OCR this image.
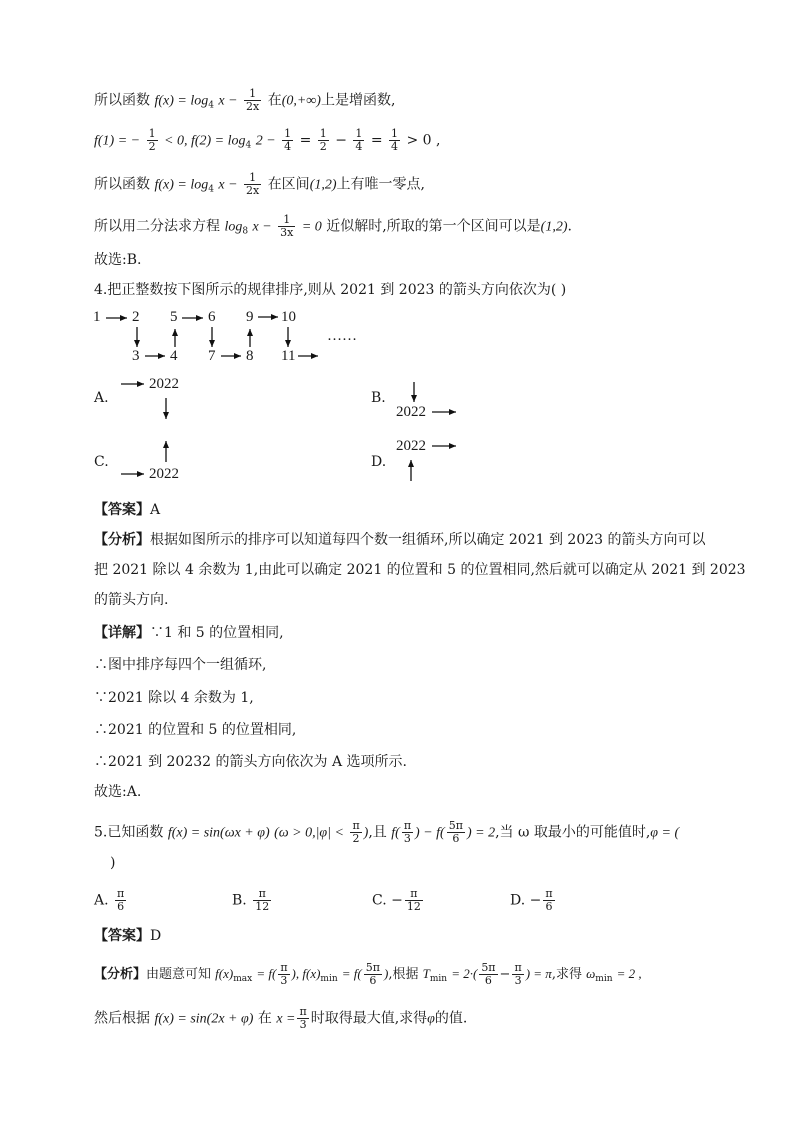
所以函数 $f(x) = \log_4 x - \frac{1}{2x}$ 在(0,+∞)上是增函数,
f(1) = − $\frac{1}{2} < 0$, $f(2) = \log_4 2 - \frac{1}{4} = \frac{1}{2} - \frac{1}{4} = \frac{1}{4} > 0$ ,
所以函数 $f(x) = \log_4 x - \frac{1}{2x}$ 在区间(1,2)上有唯一零点,
所以用二分法求方程 $\log_8 x - \frac{1}{3x} = 0$ 近似解时,所取的第一个区间可以是(1,2).
故选:B.
4.把正整数按下图所示的规律排序,则从 2021 到 2023 的箭头方向依次为( )
1 2 5 6 9 10
3 4 7 8 11
……
A.
2022
B.
2022
C.
2022
D.
2022
【答案】A
【分析】根据如图所示的排序可以知道每四个数一组循环,所以确定 2021 到 2023 的箭头方向可以
把 2021 除以 4 余数为 1,由此可以确定 2021 的位置和 5 的位置相同,然后就可以确定从 2021 到 2023
的箭头方向.
【详解】∵1 和 5 的位置相同,
∴图中排序每四个一组循环,
∵2021 除以 4 余数为 1,
∴2021 的位置和 5 的位置相同,
∴2021 到 20232 的箭头方向依次为 A 选项所示.
故选:A.
5.已知函数 f(x) = sin(ωx + φ) ($\omega > 0,|\varphi| < \frac{\pi}{2}$ ),且 $f( \frac{\pi}{3}$ ) − $f( \frac{5\pi}{6}$ ) = 2,当 ω 取最小的可能值时,φ = (
)
A. $\frac{\pi}{6}$	B. $\frac{\pi}{12}$	C. − $\frac{\pi}{12}$	D. − $\frac{\pi}{6}$
【答案】D
【分析】由题意可知 $f(x)_{max} = f( \frac{\pi}{3}$ ), $f(x)_{min} = f( \frac{5\pi}{6}$ ),根据 $T_{min} = 2\cdot( \frac{5\pi}{6} - \frac{\pi}{3}$ ) = π,求得 $\omega_{min} = 2$ ,
然后根据 f(x) = sin(2x + φ) 在 $x = \frac{\pi}{3}$ 时取得最大值,求得φ的值.
